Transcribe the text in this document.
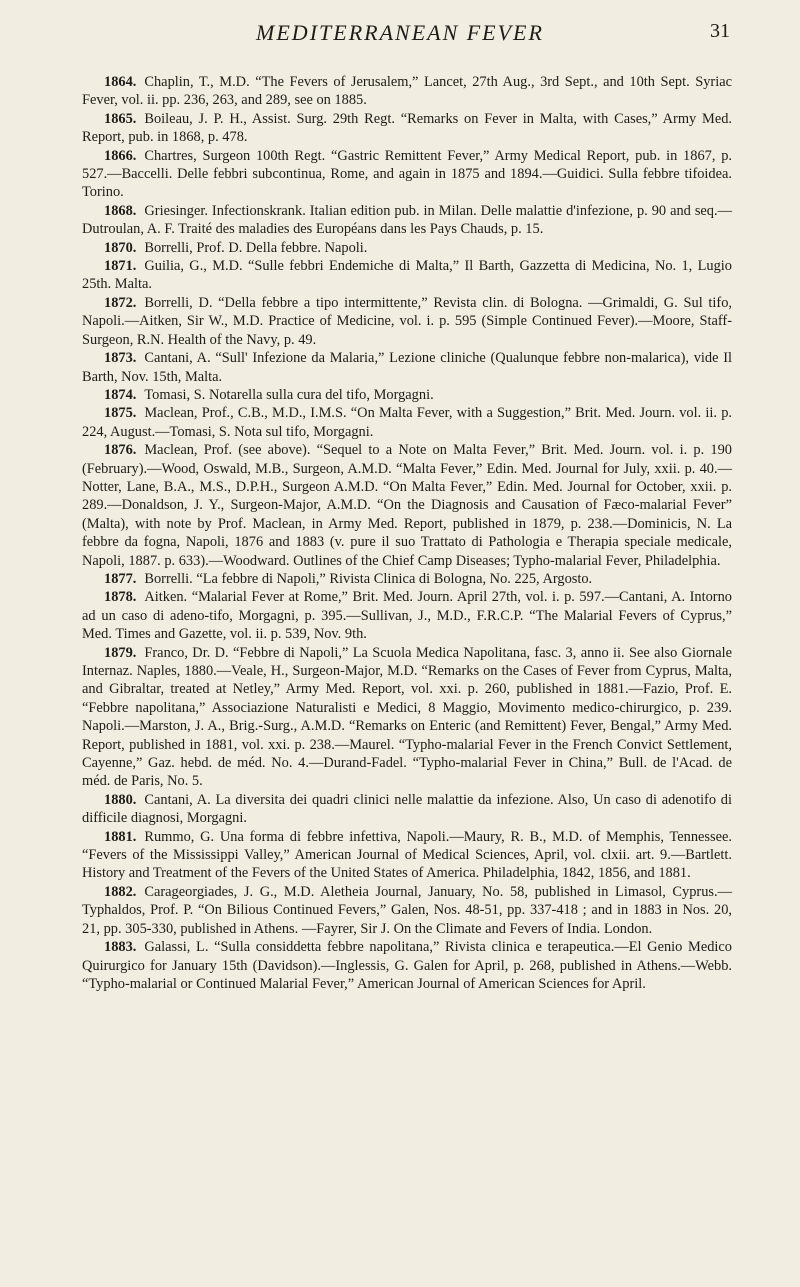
MEDITERRANEAN FEVER	31

1864. Chaplin, T., M.D. “The Fevers of Jerusalem,” Lancet, 27th Aug., 3rd Sept., and 10th Sept. Syriac Fever, vol. ii. pp. 236, 263, and 289, see on 1885.

1865. Boileau, J. P. H., Assist. Surg. 29th Regt. “Remarks on Fever in Malta, with Cases,” Army Med. Report, pub. in 1868, p. 478.

1866. Chartres, Surgeon 100th Regt. “Gastric Remittent Fever,” Army Medical Report, pub. in 1867, p. 527.—Baccelli. Delle febbri subcontinua, Rome, and again in 1875 and 1894.—Guidici. Sulla febbre tifoidea. Torino.

1868. Griesinger. Infectionskrank. Italian edition pub. in Milan. Delle malattie d'infezione, p. 90 and seq.—Dutroulan, A. F. Traité des maladies des Européans dans les Pays Chauds, p. 15.

1870. Borrelli, Prof. D. Della febbre. Napoli.

1871. Guilia, G., M.D. “Sulle febbri Endemiche di Malta,” Il Barth, Gazzetta di Medicina, No. 1, Lugio 25th. Malta.

1872. Borrelli, D. “Della febbre a tipo intermittente,” Revista clin. di Bologna. —Grimaldi, G. Sul tifo, Napoli.—Aitken, Sir W., M.D. Practice of Medicine, vol. i. p. 595 (Simple Continued Fever).—Moore, Staff-Surgeon, R.N. Health of the Navy, p. 49.

1873. Cantani, A. “Sull' Infezione da Malaria,” Lezione cliniche (Qualunque febbre non-malarica), vide Il Barth, Nov. 15th, Malta.

1874. Tomasi, S. Notarella sulla cura del tifo, Morgagni.

1875. Maclean, Prof., C.B., M.D., I.M.S. “On Malta Fever, with a Suggestion,” Brit. Med. Journ. vol. ii. p. 224, August.—Tomasi, S. Nota sul tifo, Morgagni.

1876. Maclean, Prof. (see above). “Sequel to a Note on Malta Fever,” Brit. Med. Journ. vol. i. p. 190 (February).—Wood, Oswald, M.B., Surgeon, A.M.D. “Malta Fever,” Edin. Med. Journal for July, xxii. p. 40.—Notter, Lane, B.A., M.S., D.P.H., Surgeon A.M.D. “On Malta Fever,” Edin. Med. Journal for October, xxii. p. 289.—Donaldson, J. Y., Surgeon-Major, A.M.D. “On the Diagnosis and Causation of Fæco-malarial Fever” (Malta), with note by Prof. Maclean, in Army Med. Report, published in 1879, p. 238.—Dominicis, N. La febbre da fogna, Napoli, 1876 and 1883 (v. pure il suo Trattato di Pathologia e Therapia speciale medicale, Napoli, 1887. p. 633).—Woodward. Outlines of the Chief Camp Diseases; Typho-malarial Fever, Philadelphia.

1877. Borrelli. “La febbre di Napoli,” Rivista Clinica di Bologna, No. 225, Argosto.

1878. Aitken. “Malarial Fever at Rome,” Brit. Med. Journ. April 27th, vol. i. p. 597.—Cantani, A. Intorno ad un caso di adeno-tifo, Morgagni, p. 395.—Sullivan, J., M.D., F.R.C.P. “The Malarial Fevers of Cyprus,” Med. Times and Gazette, vol. ii. p. 539, Nov. 9th.

1879. Franco, Dr. D. “Febbre di Napoli,” La Scuola Medica Napolitana, fasc. 3, anno ii. See also Giornale Internaz. Naples, 1880.—Veale, H., Surgeon-Major, M.D. “Remarks on the Cases of Fever from Cyprus, Malta, and Gibraltar, treated at Netley,” Army Med. Report, vol. xxi. p. 260, published in 1881.—Fazio, Prof. E. “Febbre napolitana,” Associazione Naturalisti e Medici, 8 Maggio, Movimento medico-chirurgico, p. 239. Napoli.—Marston, J. A., Brig.-Surg., A.M.D. “Remarks on Enteric (and Remittent) Fever, Bengal,” Army Med. Report, published in 1881, vol. xxi. p. 238.—Maurel. “Typho-malarial Fever in the French Convict Settlement, Cayenne,” Gaz. hebd. de méd. No. 4.—Durand-Fadel. “Typho-malarial Fever in China,” Bull. de l'Acad. de méd. de Paris, No. 5.

1880. Cantani, A. La diversita dei quadri clinici nelle malattie da infezione. Also, Un caso di adenotifo di difficile diagnosi, Morgagni.

1881. Rummo, G. Una forma di febbre infettiva, Napoli.—Maury, R. B., M.D. of Memphis, Tennessee. “Fevers of the Mississippi Valley,” American Journal of Medical Sciences, April, vol. clxii. art. 9.—Bartlett. History and Treatment of the Fevers of the United States of America. Philadelphia, 1842, 1856, and 1881.

1882. Carageorgiades, J. G., M.D. Aletheia Journal, January, No. 58, published in Limasol, Cyprus.—Typhaldos, Prof. P. “On Bilious Continued Fevers,” Galen, Nos. 48-51, pp. 337-418 ; and in 1883 in Nos. 20, 21, pp. 305-330, published in Athens. —Fayrer, Sir J. On the Climate and Fevers of India. London.

1883. Galassi, L. “Sulla considdetta febbre napolitana,” Rivista clinica e terapeutica.—El Genio Medico Quirurgico for January 15th (Davidson).—Inglessis, G. Galen for April, p. 268, published in Athens.—Webb. “Typho-malarial or Continued Malarial Fever,” American Journal of American Sciences for April.
